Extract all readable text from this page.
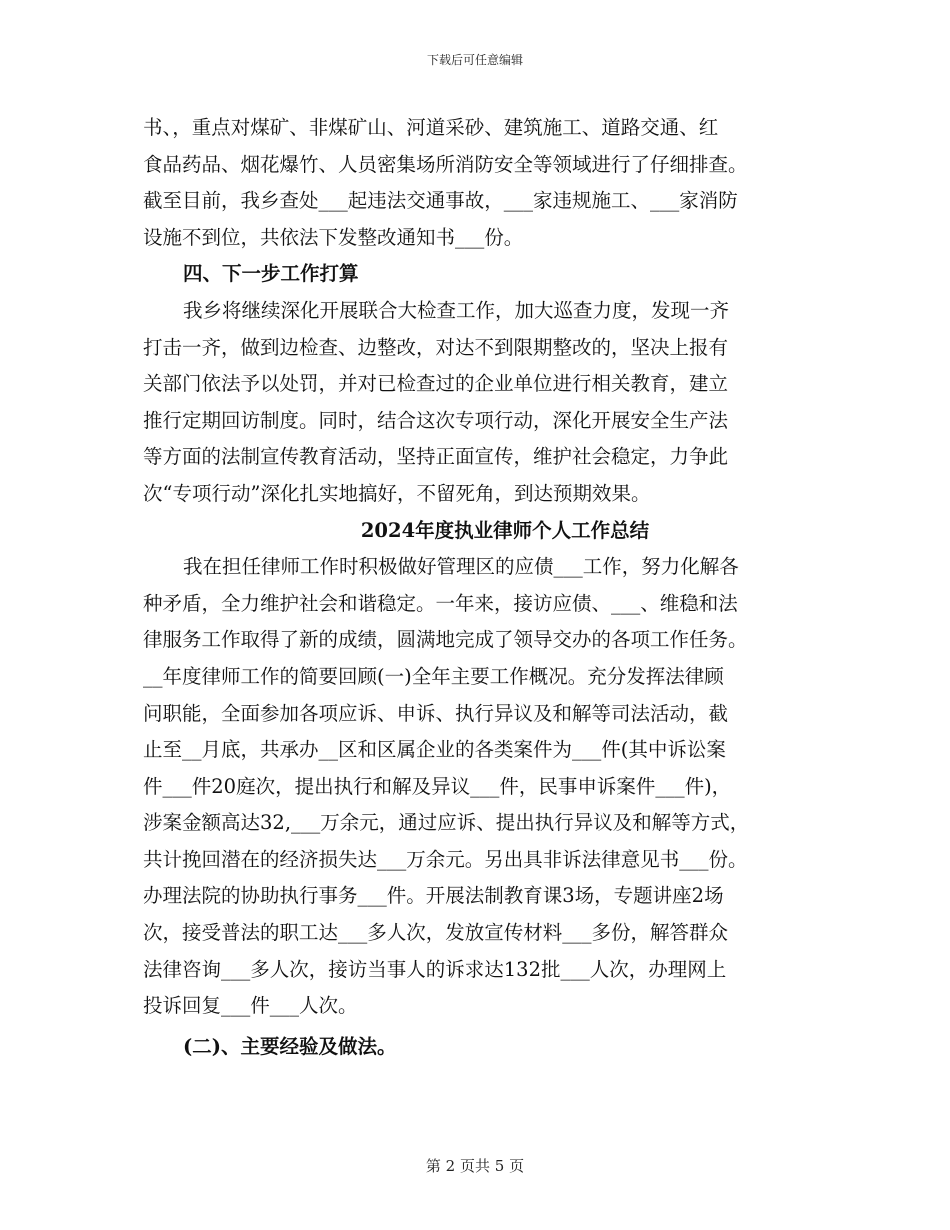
下载后可任意编辑
书、，重点对煤矿、非煤矿山、河道采砂、建筑施工、道路交通、红
食品药品、烟花爆竹、人员密集场所消防安全等领域进行了仔细排查。
截至目前，我乡查处___起违法交通事故，___家违规施工、___家消防
设施不到位，共依法下发整改通知书___份。
四、下一步工作打算
我乡将继续深化开展联合大检查工作，加大巡查力度，发现一齐
打击一齐，做到边检查、边整改，对达不到限期整改的，坚决上报有
关部门依法予以处罚，并对已检查过的企业单位进行相关教育，建立
推行定期回访制度。同时，结合这次专项行动，深化开展安全生产法
等方面的法制宣传教育活动，坚持正面宣传，维护社会稳定，力争此
次“专项行动”深化扎实地搞好，不留死角，到达预期效果。
2024年度执业律师个人工作总结
我在担任律师工作时积极做好管理区的应债___工作，努力化解各
种矛盾，全力维护社会和谐稳定。一年来，接访应债、___、维稳和法
律服务工作取得了新的成绩，圆满地完成了领导交办的各项工作任务。
__年度律师工作的简要回顾(一)全年主要工作概况。充分发挥法律顾
问职能，全面参加各项应诉、申诉、执行异议及和解等司法活动，截
止至__月底，共承办__区和区属企业的各类案件为___件(其中诉讼案
件___件20庭次，提出执行和解及异议___件，民事申诉案件___件)，
涉案金额高达32,___万余元，通过应诉、提出执行异议及和解等方式，
共计挽回潜在的经济损失达___万余元。另出具非诉法律意见书___份。
办理法院的协助执行事务___件。开展法制教育课3场，专题讲座2场
次，接受普法的职工达___多人次，发放宣传材料___多份，解答群众
法律咨询___多人次，接访当事人的诉求达132批___人次，办理网上
投诉回复___件___人次。
(二)、主要经验及做法。
第 2 页共 5 页
